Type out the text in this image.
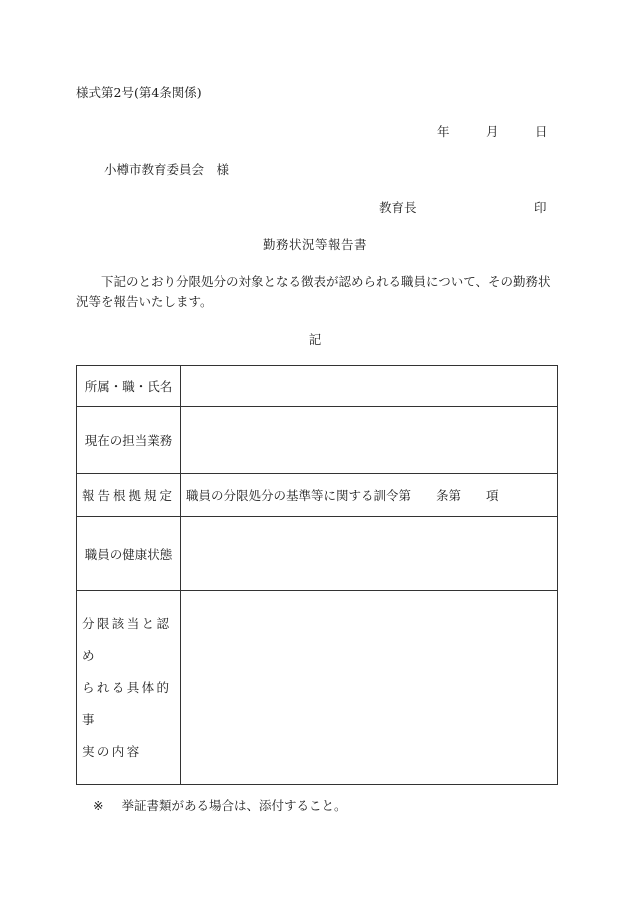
様式第2号(第4条関係)
年	月	日
小樽市教育委員会　様
教育長	印
勤務状況等報告書
下記のとおり分限処分の対象となる徴表が認められる職員について、その勤務状況等を報告いたします。
記
所属・職・氏名	
現在の担当業務	
報告根拠規定	職員の分限処分の基準等に関する訓令第　　条第　　項
職員の健康状態	

分限該当と認め
られる具体的事
実の内容	

※ 挙証書類がある場合は、添付すること。
